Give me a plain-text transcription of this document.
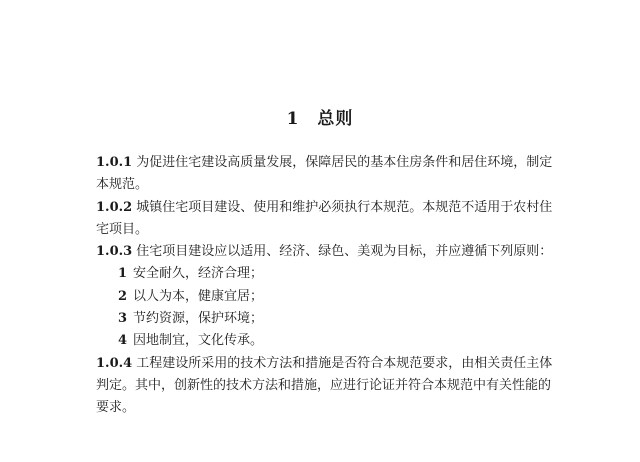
1 总则

1.0.1 为促进住宅建设高质量发展，保障居民的基本住房条件和居住环境，制定本规范。

1.0.2 城镇住宅项目建设、使用和维护必须执行本规范。本规范不适用于农村住宅项目。

1.0.3 住宅项目建设应以适用、经济、绿色、美观为目标，并应遵循下列原则：

1 安全耐久，经济合理；

2 以人为本，健康宜居；

3 节约资源，保护环境；

4 因地制宜，文化传承。

1.0.4 工程建设所采用的技术方法和措施是否符合本规范要求，由相关责任主体判定。其中，创新性的技术方法和措施，应进行论证并符合本规范中有关性能的要求。
